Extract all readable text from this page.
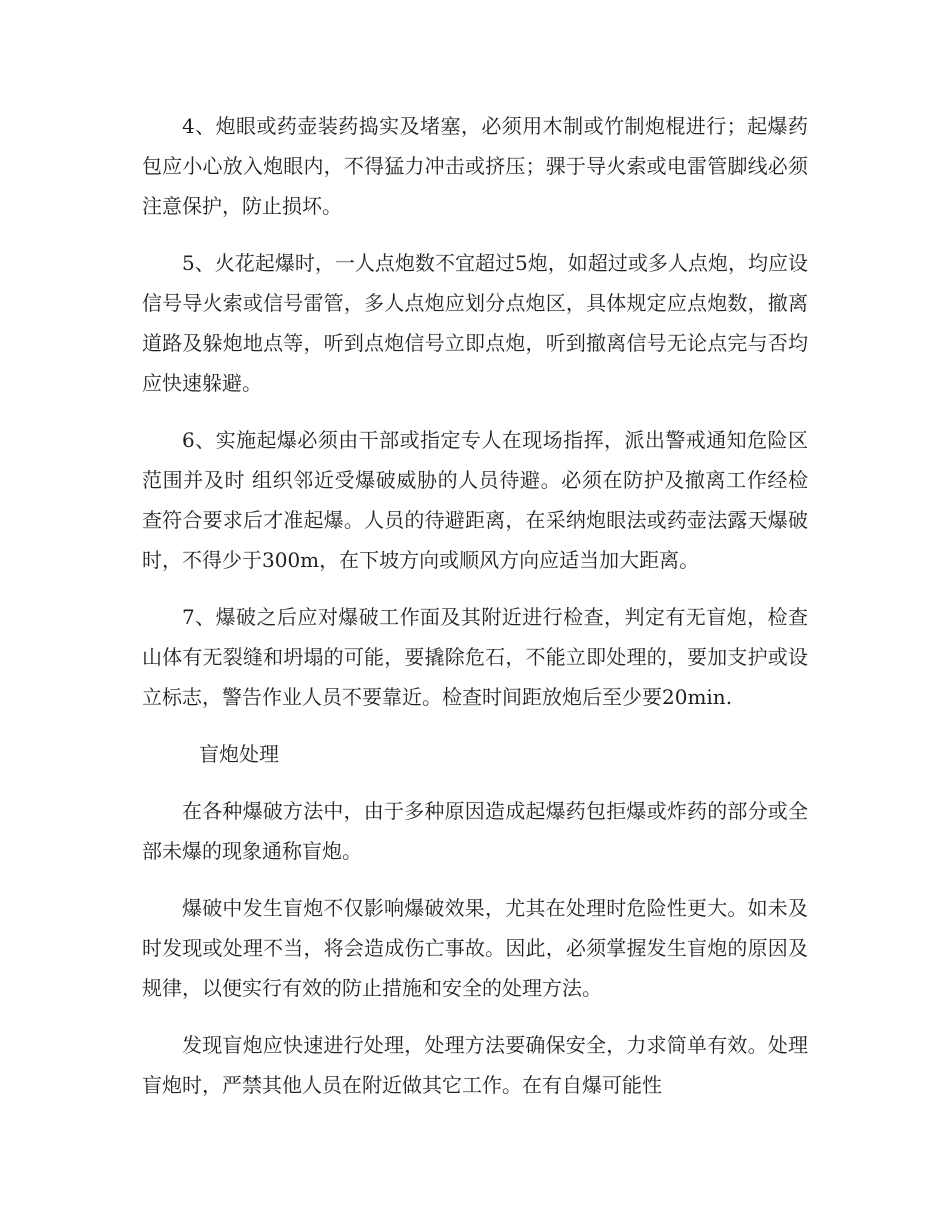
4、炮眼或药壶装药捣实及堵塞，必须用木制或竹制炮棍进行；起爆药包应小心放入炮眼内，不得猛力冲击或挤压；骒于导火索或电雷管脚线必须注意保护，防止损坏。

5、火花起爆时，一人点炮数不宜超过5炮，如超过或多人点炮，均应设信号导火索或信号雷管，多人点炮应划分点炮区，具体规定应点炮数，撤离道路及躲炮地点等，听到点炮信号立即点炮，听到撤离信号无论点完与否均应快速躲避。

6、实施起爆必须由干部或指定专人在现场指挥，派出警戒通知危险区范围并及时 组织邻近受爆破威胁的人员待避。必须在防护及撤离工作经检查符合要求后才准起爆。人员的待避距离，在采纳炮眼法或药壶法露天爆破时，不得少于300m，在下坡方向或顺风方向应适当加大距离。

7、爆破之后应对爆破工作面及其附近进行检查，判定有无盲炮，检查山体有无裂缝和坍塌的可能，要撬除危石，不能立即处理的，要加支护或设立标志，警告作业人员不要靠近。检查时间距放炮后至少要20min.

盲炮处理

在各种爆破方法中，由于多种原因造成起爆药包拒爆或炸药的部分或全部未爆的现象通称盲炮。

爆破中发生盲炮不仅影响爆破效果，尤其在处理时危险性更大。如未及时发现或处理不当，将会造成伤亡事故。因此，必须掌握发生盲炮的原因及规律，以便实行有效的防止措施和安全的处理方法。

发现盲炮应快速进行处理，处理方法要确保安全，力求简单有效。处理盲炮时，严禁其他人员在附近做其它工作。在有自爆可能性
